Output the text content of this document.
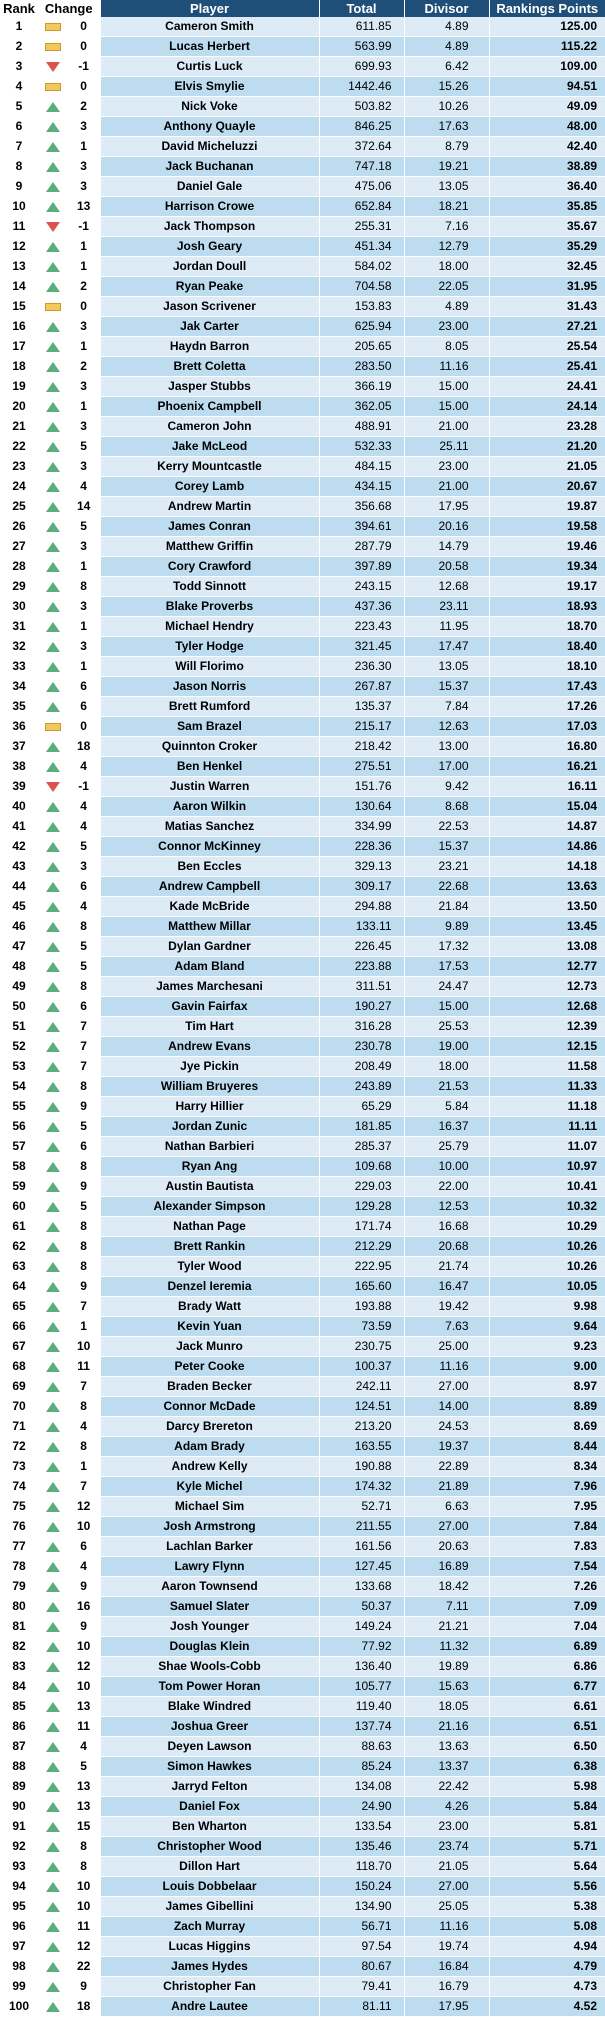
Rank	Change	Player	Total	Divisor	Rankings Points
1	0	Cameron Smith	611.85	4.89	125.00
2	0	Lucas Herbert	563.99	4.89	115.22
3	-1	Curtis Luck	699.93	6.42	109.00
4	0	Elvis Smylie	1442.46	15.26	94.51
5	2	Nick Voke	503.82	10.26	49.09
6	3	Anthony Quayle	846.25	17.63	48.00
7	1	David Micheluzzi	372.64	8.79	42.40
8	3	Jack Buchanan	747.18	19.21	38.89
9	3	Daniel Gale	475.06	13.05	36.40
10	13	Harrison Crowe	652.84	18.21	35.85
11	-1	Jack Thompson	255.31	7.16	35.67
12	1	Josh Geary	451.34	12.79	35.29
13	1	Jordan Doull	584.02	18.00	32.45
14	2	Ryan Peake	704.58	22.05	31.95
15	0	Jason Scrivener	153.83	4.89	31.43
16	3	Jak Carter	625.94	23.00	27.21
17	1	Haydn Barron	205.65	8.05	25.54
18	2	Brett Coletta	283.50	11.16	25.41
19	3	Jasper Stubbs	366.19	15.00	24.41
20	1	Phoenix Campbell	362.05	15.00	24.14
21	3	Cameron John	488.91	21.00	23.28
22	5	Jake McLeod	532.33	25.11	21.20
23	3	Kerry Mountcastle	484.15	23.00	21.05
24	4	Corey Lamb	434.15	21.00	20.67
25	14	Andrew Martin	356.68	17.95	19.87
26	5	James Conran	394.61	20.16	19.58
27	3	Matthew Griffin	287.79	14.79	19.46
28	1	Cory Crawford	397.89	20.58	19.34
29	8	Todd Sinnott	243.15	12.68	19.17
30	3	Blake Proverbs	437.36	23.11	18.93
31	1	Michael Hendry	223.43	11.95	18.70
32	3	Tyler Hodge	321.45	17.47	18.40
33	1	Will Florimo	236.30	13.05	18.10
34	6	Jason Norris	267.87	15.37	17.43
35	6	Brett Rumford	135.37	7.84	17.26
36	0	Sam Brazel	215.17	12.63	17.03
37	18	Quinnton Croker	218.42	13.00	16.80
38	4	Ben Henkel	275.51	17.00	16.21
39	-1	Justin Warren	151.76	9.42	16.11
40	4	Aaron Wilkin	130.64	8.68	15.04
41	4	Matias Sanchez	334.99	22.53	14.87
42	5	Connor McKinney	228.36	15.37	14.86
43	3	Ben Eccles	329.13	23.21	14.18
44	6	Andrew Campbell	309.17	22.68	13.63
45	4	Kade McBride	294.88	21.84	13.50
46	8	Matthew Millar	133.11	9.89	13.45
47	5	Dylan Gardner	226.45	17.32	13.08
48	5	Adam Bland	223.88	17.53	12.77
49	8	James Marchesani	311.51	24.47	12.73
50	6	Gavin Fairfax	190.27	15.00	12.68
51	7	Tim Hart	316.28	25.53	12.39
52	7	Andrew Evans	230.78	19.00	12.15
53	7	Jye Pickin	208.49	18.00	11.58
54	8	William Bruyeres	243.89	21.53	11.33
55	9	Harry Hillier	65.29	5.84	11.18
56	5	Jordan Zunic	181.85	16.37	11.11
57	6	Nathan Barbieri	285.37	25.79	11.07
58	8	Ryan Ang	109.68	10.00	10.97
59	9	Austin Bautista	229.03	22.00	10.41
60	5	Alexander Simpson	129.28	12.53	10.32
61	8	Nathan Page	171.74	16.68	10.29
62	8	Brett Rankin	212.29	20.68	10.26
63	8	Tyler Wood	222.95	21.74	10.26
64	9	Denzel Ieremia	165.60	16.47	10.05
65	7	Brady Watt	193.88	19.42	9.98
66	1	Kevin Yuan	73.59	7.63	9.64
67	10	Jack Munro	230.75	25.00	9.23
68	11	Peter Cooke	100.37	11.16	9.00
69	7	Braden Becker	242.11	27.00	8.97
70	8	Connor McDade	124.51	14.00	8.89
71	4	Darcy Brereton	213.20	24.53	8.69
72	8	Adam Brady	163.55	19.37	8.44
73	1	Andrew Kelly	190.88	22.89	8.34
74	7	Kyle Michel	174.32	21.89	7.96
75	12	Michael Sim	52.71	6.63	7.95
76	10	Josh Armstrong	211.55	27.00	7.84
77	6	Lachlan Barker	161.56	20.63	7.83
78	4	Lawry Flynn	127.45	16.89	7.54
79	9	Aaron Townsend	133.68	18.42	7.26
80	16	Samuel Slater	50.37	7.11	7.09
81	9	Josh Younger	149.24	21.21	7.04
82	10	Douglas Klein	77.92	11.32	6.89
83	12	Shae Wools-Cobb	136.40	19.89	6.86
84	10	Tom Power Horan	105.77	15.63	6.77
85	13	Blake Windred	119.40	18.05	6.61
86	11	Joshua Greer	137.74	21.16	6.51
87	4	Deyen Lawson	88.63	13.63	6.50
88	5	Simon Hawkes	85.24	13.37	6.38
89	13	Jarryd Felton	134.08	22.42	5.98
90	13	Daniel Fox	24.90	4.26	5.84
91	15	Ben Wharton	133.54	23.00	5.81
92	8	Christopher Wood	135.46	23.74	5.71
93	8	Dillon Hart	118.70	21.05	5.64
94	10	Louis Dobbelaar	150.24	27.00	5.56
95	10	James Gibellini	134.90	25.05	5.38
96	11	Zach Murray	56.71	11.16	5.08
97	12	Lucas Higgins	97.54	19.74	4.94
98	22	James Hydes	80.67	16.84	4.79
99	9	Christopher Fan	79.41	16.79	4.73
100	18	Andre Lautee	81.11	17.95	4.52
